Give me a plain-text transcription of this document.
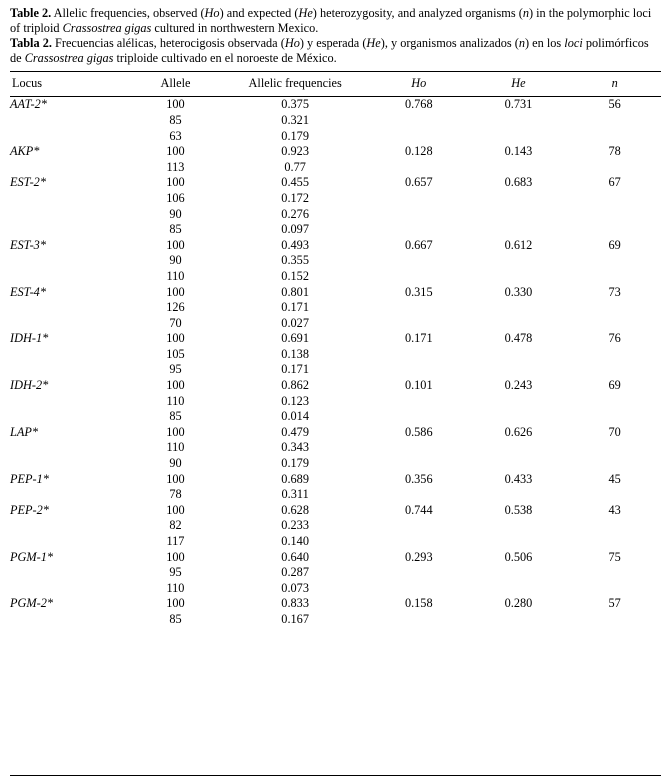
Table 2. Allelic frequencies, observed (Ho) and expected (He) heterozygosity, and analyzed organisms (n) in the polymorphic loci of triploid Crassostrea gigas cultured in northwestern Mexico.
Tabla 2. Frecuencias alélicas, heterocigosis observada (Ho) y esperada (He), y organismos analizados (n) en los loci polimórficos de Crassostrea gigas triploide cultivado en el noroeste de México.
Locus	Allele	Allelic frequencies	Ho	He	n
AAT-2*	100	0.375	0.768	0.731	56
	85	0.321			
	63	0.179			
AKP*	100	0.923	0.128	0.143	78
	113	0.77			
EST-2*	100	0.455	0.657	0.683	67
	106	0.172			
	90	0.276			
	85	0.097			
EST-3*	100	0.493	0.667	0.612	69
	90	0.355			
	110	0.152			
EST-4*	100	0.801	0.315	0.330	73
	126	0.171			
	70	0.027			
IDH-1*	100	0.691	0.171	0.478	76
	105	0.138			
	95	0.171			
IDH-2*	100	0.862	0.101	0.243	69
	110	0.123			
	85	0.014			
LAP*	100	0.479	0.586	0.626	70
	110	0.343			
	90	0.179			
PEP-1*	100	0.689	0.356	0.433	45
	78	0.311			
PEP-2*	100	0.628	0.744	0.538	43
	82	0.233			
	117	0.140			
PGM-1*	100	0.640	0.293	0.506	75
	95	0.287			
	110	0.073			
PGM-2*	100	0.833	0.158	0.280	57
	85	0.167			
